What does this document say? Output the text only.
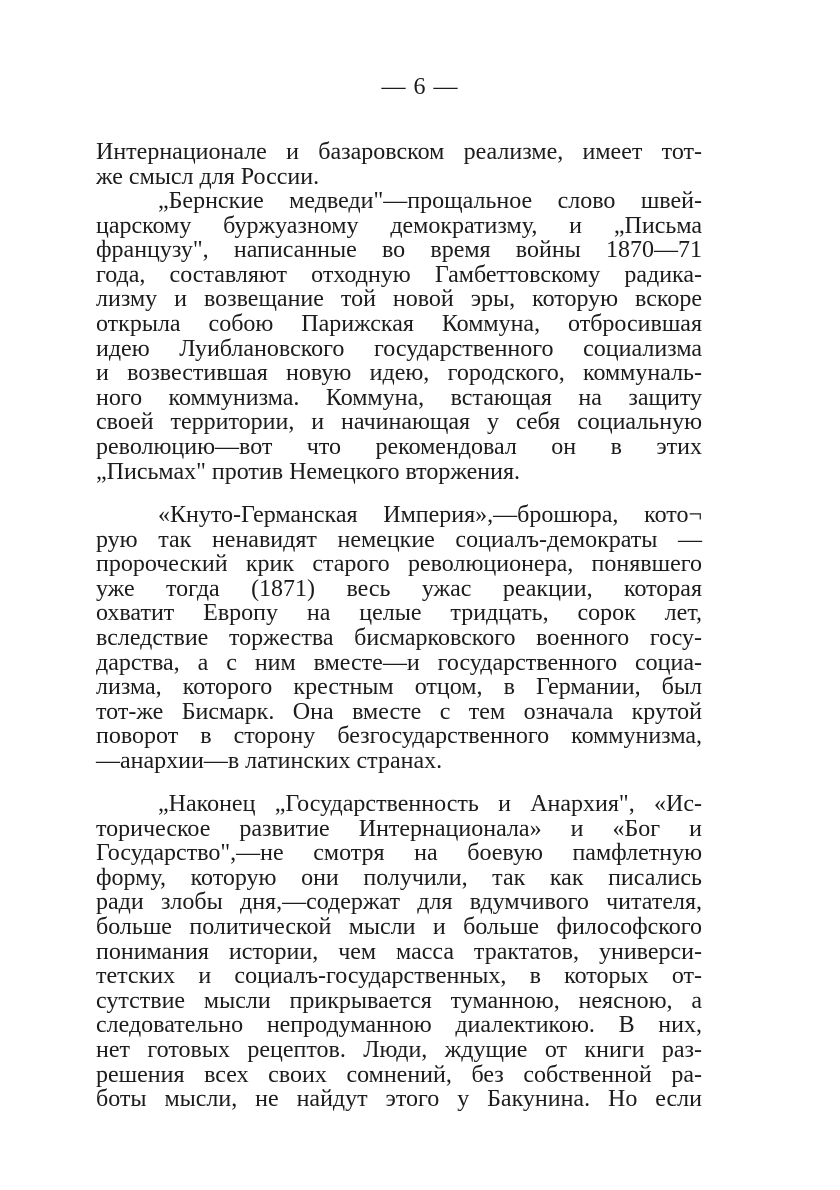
— 6 —
Интернационале и базаровском реализме, имеет тот-
же смысл для России.
„Бернские медведи"—прощальное слово швей-
царскому буржуазному демократизму, и „Письма
французу", написанные во время войны 1870—71
года, составляют отходную Гамбеттовскому радика-
лизму и возвещание той новой эры, которую вскоре
открыла собою Парижская Коммуна, отбросившая
идею Луиблановского государственного социализма
и возвестившая новую идею, городского, коммуналь-
ного коммунизма. Коммуна, встающая на защиту
своей территории, и начинающая у себя социальную
революцию—вот что рекомендовал он в этих
„Письмах" против Немецкого вторжения.
«Кнуто-Германская Империя»,—брошюра, кото¬
рую так ненавидят немецкие социалъ-демократы —
пророческий крик старого революционера, понявшего
уже тогда (1871) весь ужас реакции, которая
охватит Европу на целые тридцать, сорок лет,
вследствие торжества бисмарковского военного госу-
дарства, а с ним вместе—и государственного социа-
лизма, которого крестным отцом, в Германии, был
тот-же Бисмарк. Она вместе с тем означала крутой
поворот в сторону безгосударственного коммунизма,
—анархии—в латинских странах.
„Наконец „Государственность и Анархия", «Ис-
торическое развитие Интернационала» и «Бог и
Государство",—не смотря на боевую памфлетную
форму, которую они получили, так как писались
ради злобы дня,—содержат для вдумчивого читателя,
больше политической мысли и больше философского
понимания истории, чем масса трактатов, универси-
тетских и социалъ-государственных, в которых от-
сутствие мысли прикрывается туманною, неясною, а
следовательно непродуманною диалектикою. В них,
нет готовых рецептов. Люди, ждущие от книги раз-
решения всех своих сомнений, без собственной ра-
боты мысли, не найдут этого у Бакунина. Но если
